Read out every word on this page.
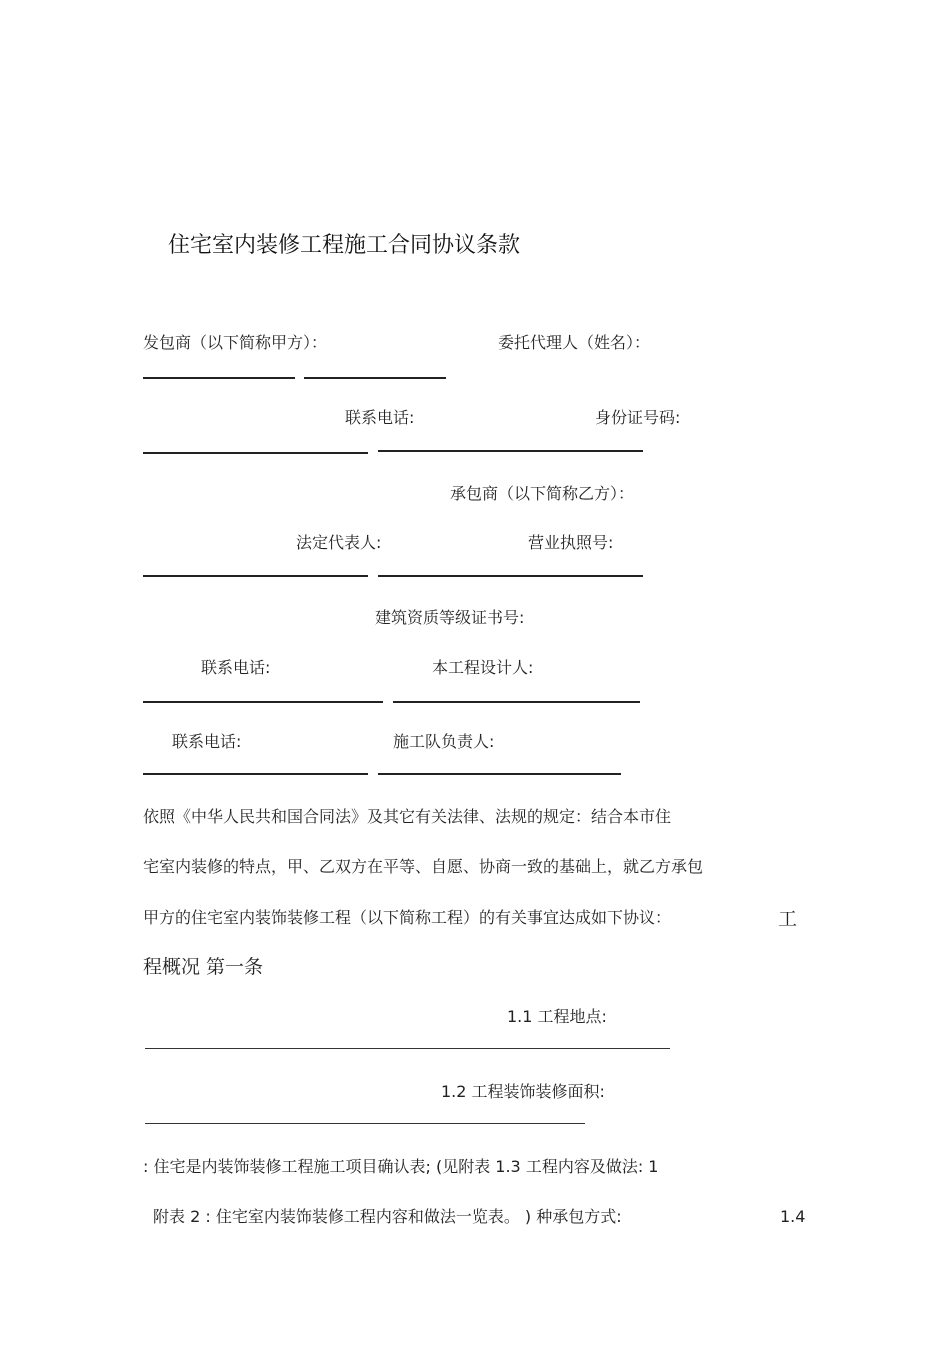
住宅室内装修工程施工合同协议条款
发包商（以下简称甲方）：	委托代理人（姓名）：
联系电话:	身份证号码:
承包商（以下简称乙方）：
法定代表人:	营业执照号:
建筑资质等级证书号:
联系电话:	本工程设计人:
联系电话:	施工队负责人:
依照《中华人民共和国合同法》及其它有关法律、法规的规定：结合本市住
宅室内装修的特点，甲、乙双方在平等、自愿、协商一致的基础上，就乙方承包
甲方的住宅室内装饰装修工程（以下简称工程）的有关事宜达成如下协议：	工
程概况 第一条
1.1 工程地点:
1.2 工程装饰装修面积:
: 住宅是内装饰装修工程施工项目确认表; (见附表 1.3 工程内容及做法: 1
附表 2 : 住宅室内装饰装修工程内容和做法一览表。 ) 种承包方式:	1.4
